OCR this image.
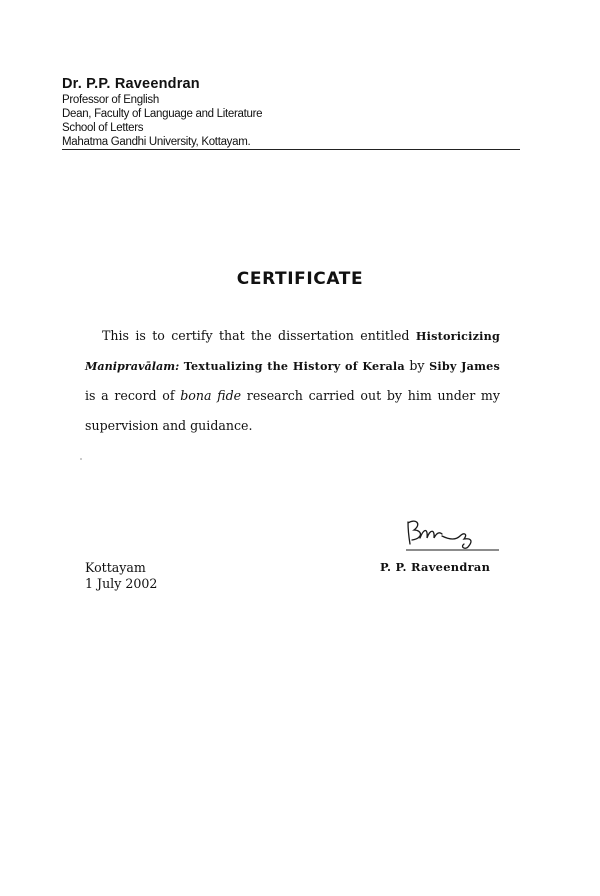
Dr. P.P. Raveendran
Professor of English
Dean, Faculty of Language and Literature
School of Letters
Mahatma Gandhi University, Kottayam.
CERTIFICATE

This is to certify that the dissertation entitled Historicizing Manipravālam: Textualizing the History of Kerala by Siby James is a record of bona fide research carried out by him under my supervision and guidance.

Kottayam
1 July 2002
P. P. Raveendran
